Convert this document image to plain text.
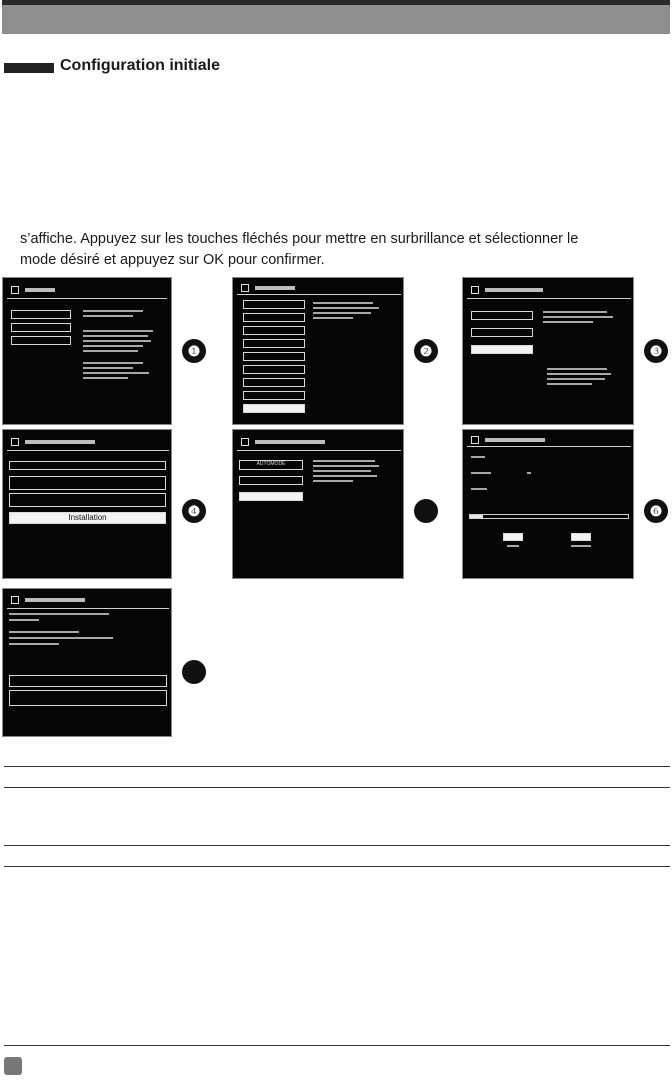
Configuration initiale
s’affiche. Appuyez sur les touches fléchés pour mettre en surbrillance et sélectionner le
mode désiré et appuyez sur OK pour confirmer.
❶	❷	❸
Installation	❹
AUTOMODE
❻
